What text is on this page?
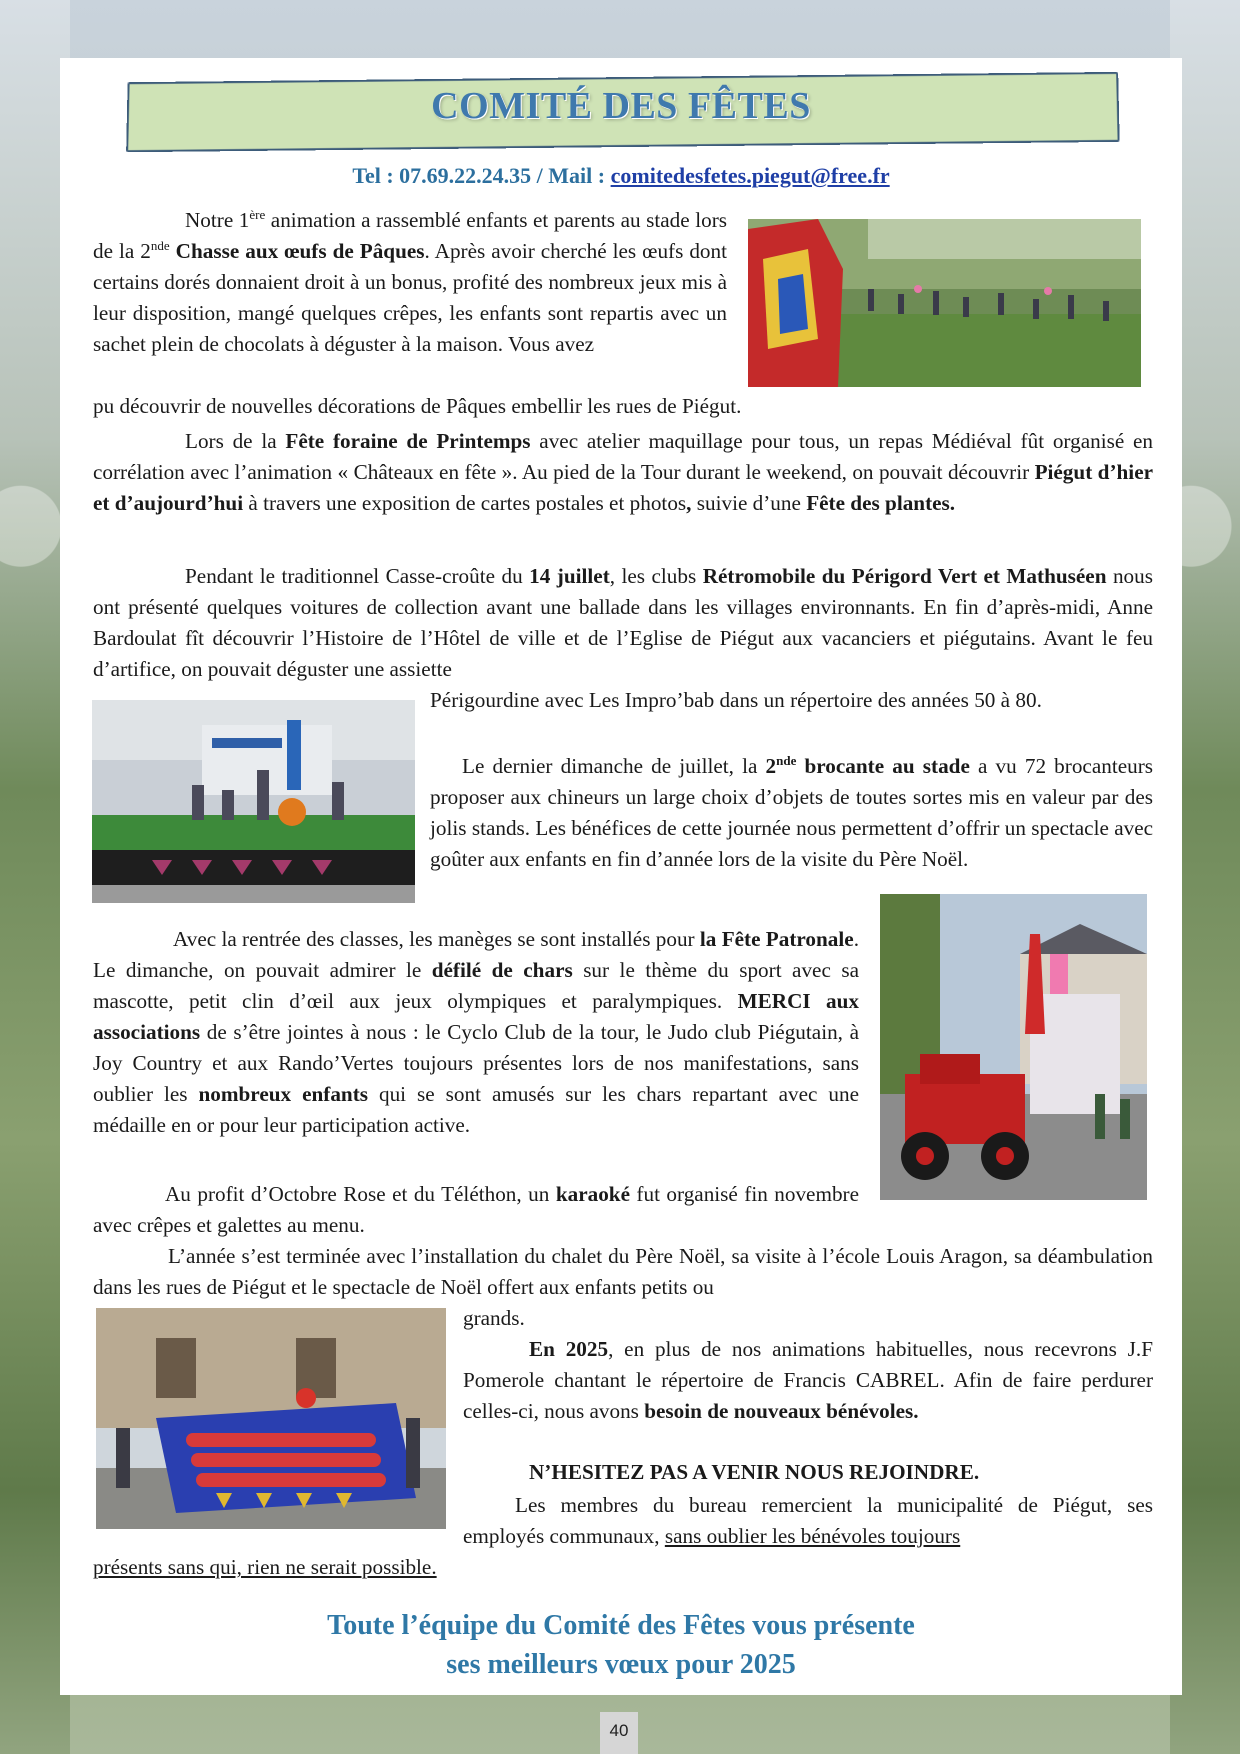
COMITÉ DES FÊTES
Tel : 07.69.22.24.35 / Mail : comitedesfetes.piegut@free.fr

Notre 1ère animation a rassemblé enfants et parents au stade lors de la 2nde Chasse aux œufs de Pâques. Après avoir cherché les œufs dont certains dorés donnaient droit à un bonus, profité des nombreux jeux mis à leur disposition, mangé quelques crêpes, les enfants sont repartis avec un sachet plein de chocolats à déguster à la maison. Vous avez

pu découvrir de nouvelles décorations de Pâques embellir les rues de Piégut.

Lors de la Fête foraine de Printemps avec atelier maquillage pour tous, un repas Médiéval fût organisé en corrélation avec l’animation « Châteaux en fête ». Au pied de la Tour durant le weekend, on pouvait découvrir Piégut d’hier et d’aujourd’hui à travers une exposition de cartes postales et photos, suivie d’une Fête des plantes.

Pendant le traditionnel Casse-croûte du 14 juillet, les clubs Rétromobile du Périgord Vert et Mathuséen nous ont présenté quelques voitures de collection avant une ballade dans les villages environnants. En fin d’après-midi, Anne Bardoulat fît découvrir l’Histoire de l’Hôtel de ville et de l’Eglise de Piégut aux vacanciers et piégutains. Avant le feu d’artifice, on pouvait déguster une assiette

Périgourdine avec Les Impro’bab dans un répertoire des années 50 à 80.

Le dernier dimanche de juillet, la 2nde brocante au stade a vu 72 brocanteurs proposer aux chineurs un large choix d’objets de toutes sortes mis en valeur par des jolis stands. Les bénéfices de cette journée nous permettent d’offrir un spectacle avec goûter aux enfants en fin d’année lors de la visite du Père Noël.

Avec la rentrée des classes, les manèges se sont installés pour la Fête Patronale. Le dimanche, on pouvait admirer le défilé de chars sur le thème du sport avec sa mascotte, petit clin d’œil aux jeux olympiques et paralympiques. MERCI aux associations de s’être jointes à nous : le Cyclo Club de la tour, le Judo club Piégutain, à Joy Country et aux Rando’Vertes toujours présentes lors de nos manifestations, sans oublier les nombreux enfants qui se sont amusés sur les chars repartant avec une médaille en or pour leur participation active.

Au profit d’Octobre Rose et du Téléthon, un karaoké fut organisé fin novembre avec crêpes et galettes au menu.

L’année s’est terminée avec l’installation du chalet du Père Noël, sa visite à l’école Louis Aragon, sa déambulation dans les rues de Piégut et le spectacle de Noël offert aux enfants petits ou

grands.

En 2025, en plus de nos animations habituelles, nous recevrons J.F Pomerole chantant le répertoire de Francis CABREL. Afin de faire perdurer celles-ci, nous avons besoin de nouveaux bénévoles.

N’HESITEZ PAS A VENIR NOUS REJOINDRE.

Les membres du bureau remercient la municipalité de Piégut, ses employés communaux, sans oublier les bénévoles toujours

présents sans qui, rien ne serait possible.
Toute l’équipe du Comité des Fêtes vous présente
ses meilleurs vœux pour 2025
40
